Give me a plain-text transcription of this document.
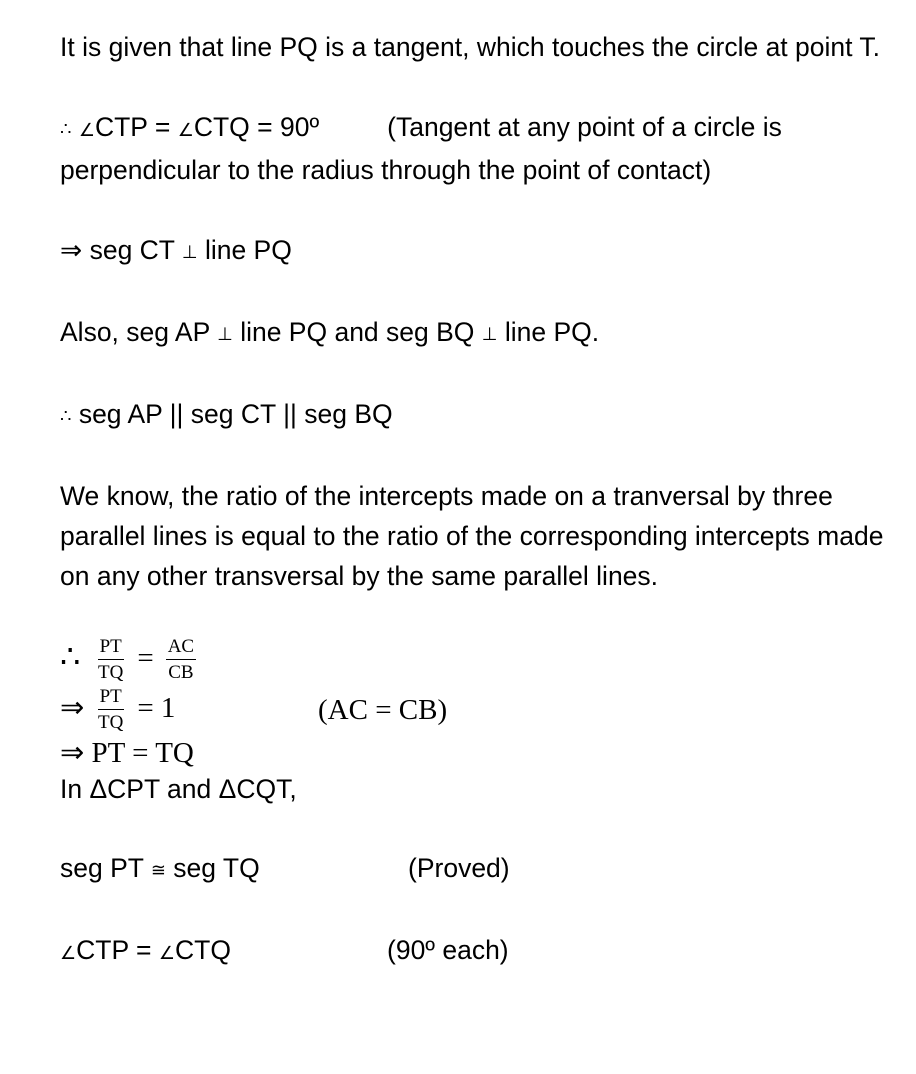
It is given that line PQ is a tangent, which touches the circle at point T.

∴ ∠CTP = ∠CTQ = 90º	(Tangent at any point of a circle is

perpendicular to the radius through the point of contact)

⇒ seg CT ⊥ line PQ

Also, seg AP ⊥ line PQ and seg BQ ⊥ line PQ.

∴ seg AP || seg CT || seg BQ

We know, the ratio of the intercepts made on a tranversal by three parallel lines is equal to the ratio of the corresponding intercepts made on any other transversal by the same parallel lines.

∴ $\frac{PT}{TQ} = \frac{AC}{CB}$
⇒ $\frac{PT}{TQ} = 1$	(AC = CB)
⇒ PT = TQ

In ΔCPT and ΔCQT,

seg PT ≅ seg TQ	(Proved)

∠CTP = ∠CTQ	(90º each)
